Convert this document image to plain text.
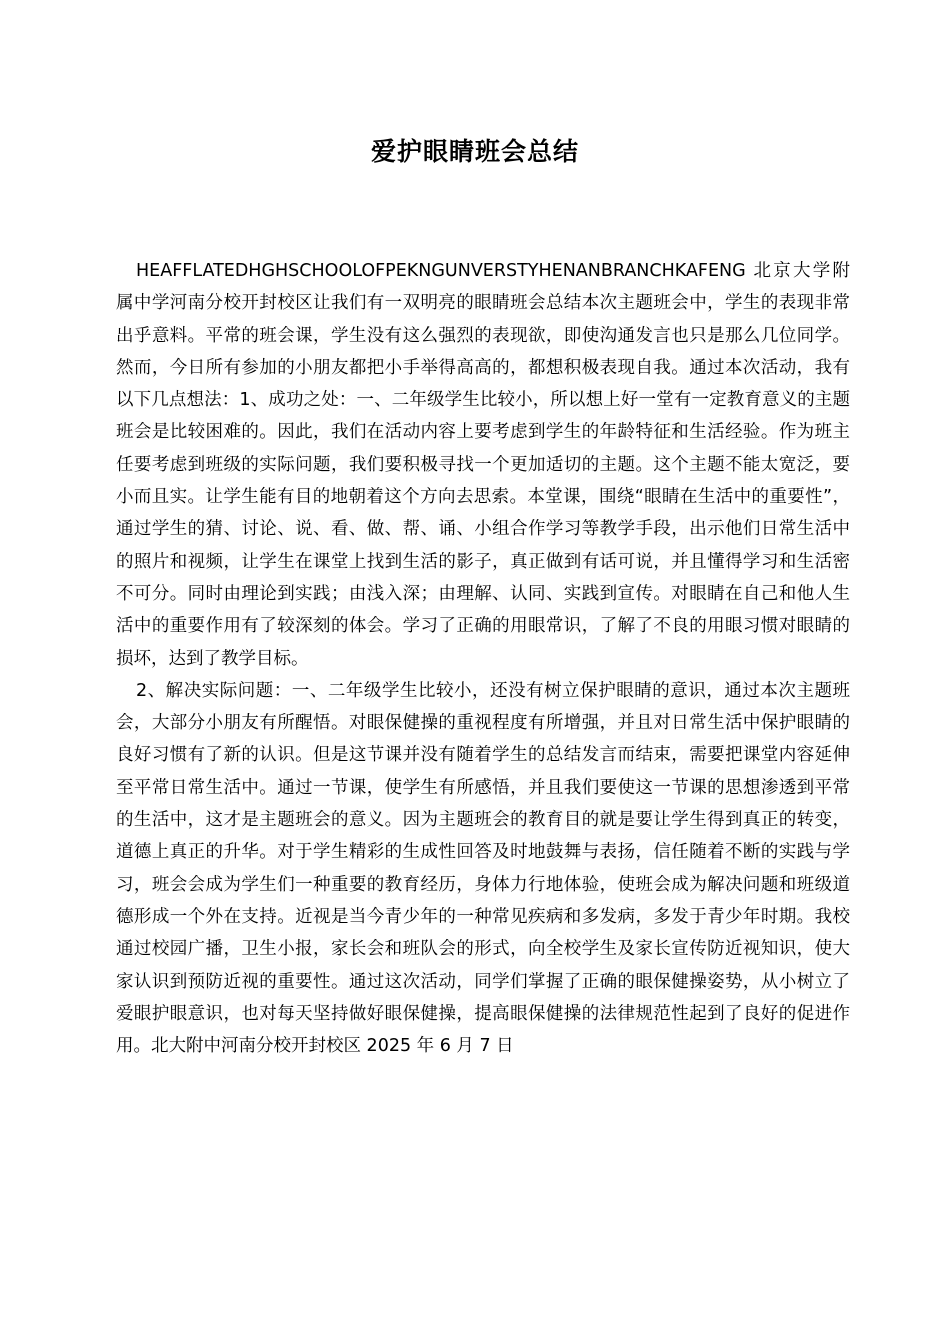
爱护眼睛班会总结

HEAFFLATEDHGHSCHOOLOFPEKNGUNVERSTYHENANBRANCHKAFENG 北京大学附属中学河南分校开封校区让我们有一双明亮的眼睛班会总结本次主题班会中，学生的表现非常出乎意料。平常的班会课，学生没有这么强烈的表现欲，即使沟通发言也只是那么几位同学。然而，今日所有参加的小朋友都把小手举得高高的，都想积极表现自我。通过本次活动，我有以下几点想法：1、成功之处：一、二年级学生比较小，所以想上好一堂有一定教育意义的主题班会是比较困难的。因此，我们在活动内容上要考虑到学生的年龄特征和生活经验。作为班主任要考虑到班级的实际问题，我们要积极寻找一个更加适切的主题。这个主题不能太宽泛，要小而且实。让学生能有目的地朝着这个方向去思索。本堂课，围绕“眼睛在生活中的重要性”，通过学生的猜、讨论、说、看、做、帮、诵、小组合作学习等教学手段，出示他们日常生活中的照片和视频，让学生在课堂上找到生活的影子，真正做到有话可说，并且懂得学习和生活密不可分。同时由理论到实践；由浅入深；由理解、认同、实践到宣传。对眼睛在自己和他人生活中的重要作用有了较深刻的体会。学习了正确的用眼常识，了解了不良的用眼习惯对眼睛的损坏，达到了教学目标。

2、解决实际问题：一、二年级学生比较小，还没有树立保护眼睛的意识，通过本次主题班会，大部分小朋友有所醒悟。对眼保健操的重视程度有所增强，并且对日常生活中保护眼睛的良好习惯有了新的认识。但是这节课并没有随着学生的总结发言而结束，需要把课堂内容延伸至平常日常生活中。通过一节课，使学生有所感悟，并且我们要使这一节课的思想渗透到平常的生活中，这才是主题班会的意义。因为主题班会的教育目的就是要让学生得到真正的转变，道德上真正的升华。对于学生精彩的生成性回答及时地鼓舞与表扬，信任随着不断的实践与学习，班会会成为学生们一种重要的教育经历，身体力行地体验，使班会成为解决问题和班级道德形成一个外在支持。近视是当今青少年的一种常见疾病和多发病，多发于青少年时期。我校通过校园广播，卫生小报，家长会和班队会的形式，向全校学生及家长宣传防近视知识，使大家认识到预防近视的重要性。通过这次活动，同学们掌握了正确的眼保健操姿势，从小树立了爱眼护眼意识，也对每天坚持做好眼保健操，提高眼保健操的法律规范性起到了良好的促进作用。北大附中河南分校开封校区 2025 年 6 月 7 日
